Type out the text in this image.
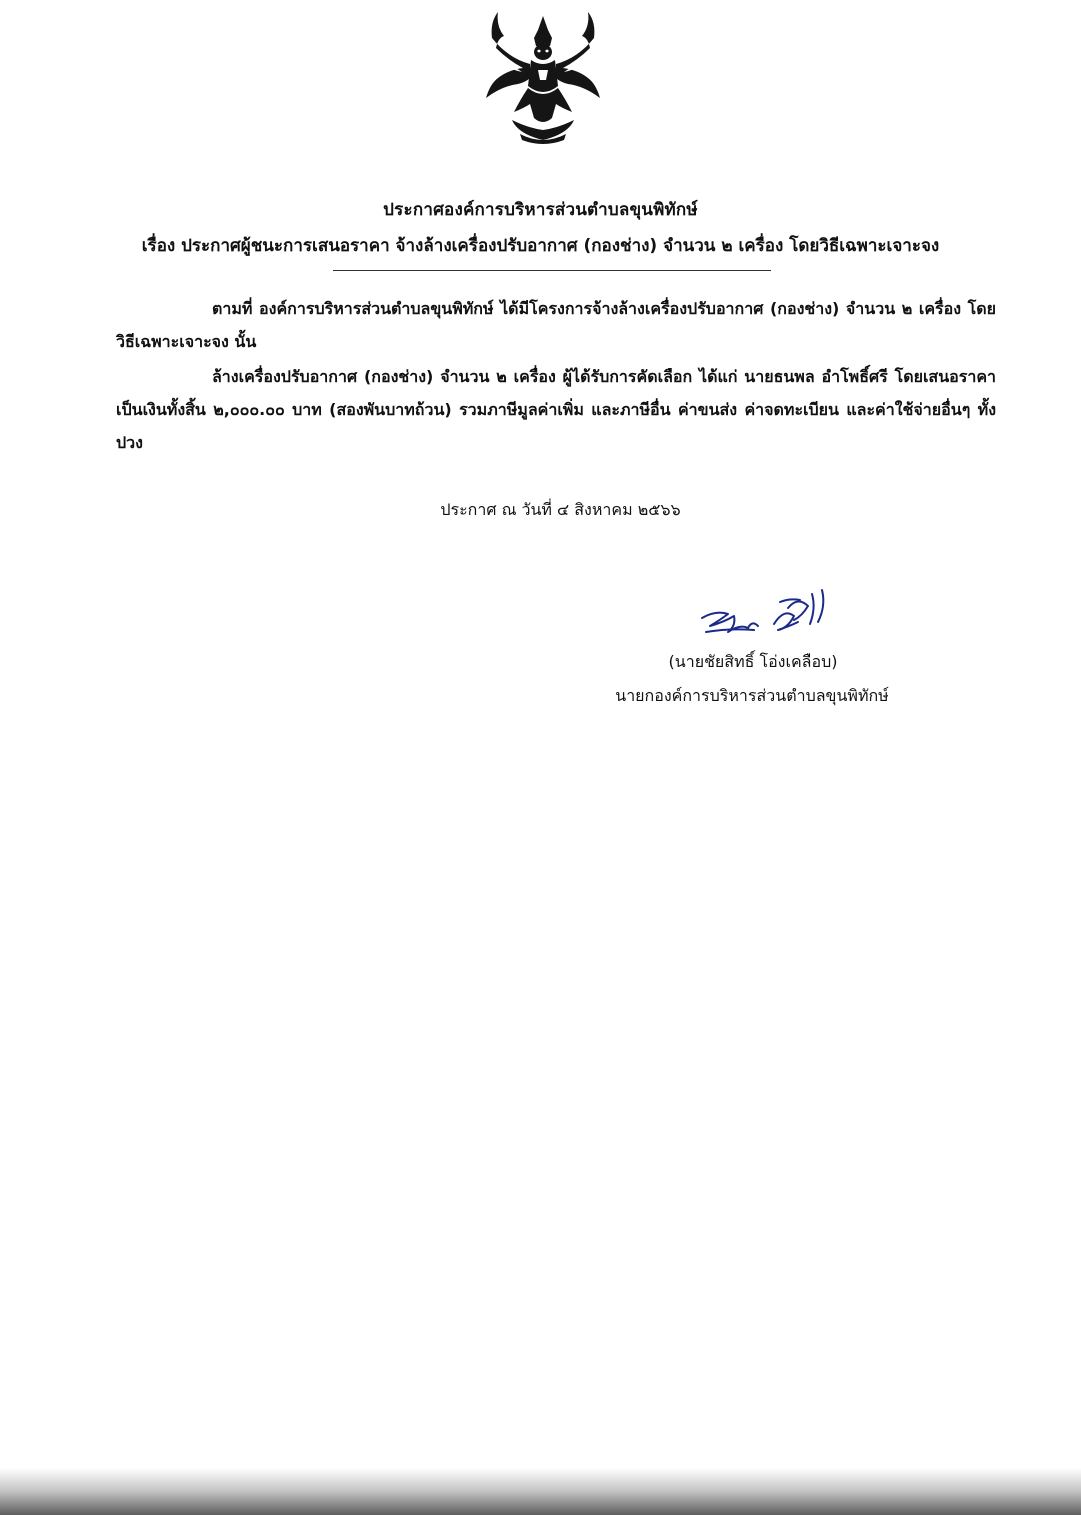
ประกาศองค์การบริหารส่วนตำบลขุนพิทักษ์
เรื่อง ประกาศผู้ชนะการเสนอราคา จ้างล้างเครื่องปรับอากาศ (กองช่าง) จำนวน ๒ เครื่อง โดยวิธีเฉพาะเจาะจง
ตามที่ องค์การบริหารส่วนตำบลขุนพิทักษ์ ได้มีโครงการจ้างล้างเครื่องปรับอากาศ (กองช่าง) จำนวน ๒ เครื่อง โดยวิธีเฉพาะเจาะจง นั้น
ล้างเครื่องปรับอากาศ (กองช่าง) จำนวน ๒ เครื่อง ผู้ได้รับการคัดเลือก ได้แก่ นายธนพล อำโพธิ์ศรี โดยเสนอราคา เป็นเงินทั้งสิ้น ๒,๐๐๐.๐๐ บาท (สองพันบาทถ้วน) รวมภาษีมูลค่าเพิ่ม และภาษีอื่น ค่าขนส่ง ค่าจดทะเบียน และค่าใช้จ่ายอื่นๆ ทั้งปวง
ประกาศ ณ วันที่ ๔ สิงหาคม ๒๕๖๖
(นายชัยสิทธิ์ โอ่งเคลือบ)
นายกองค์การบริหารส่วนตำบลขุนพิทักษ์
